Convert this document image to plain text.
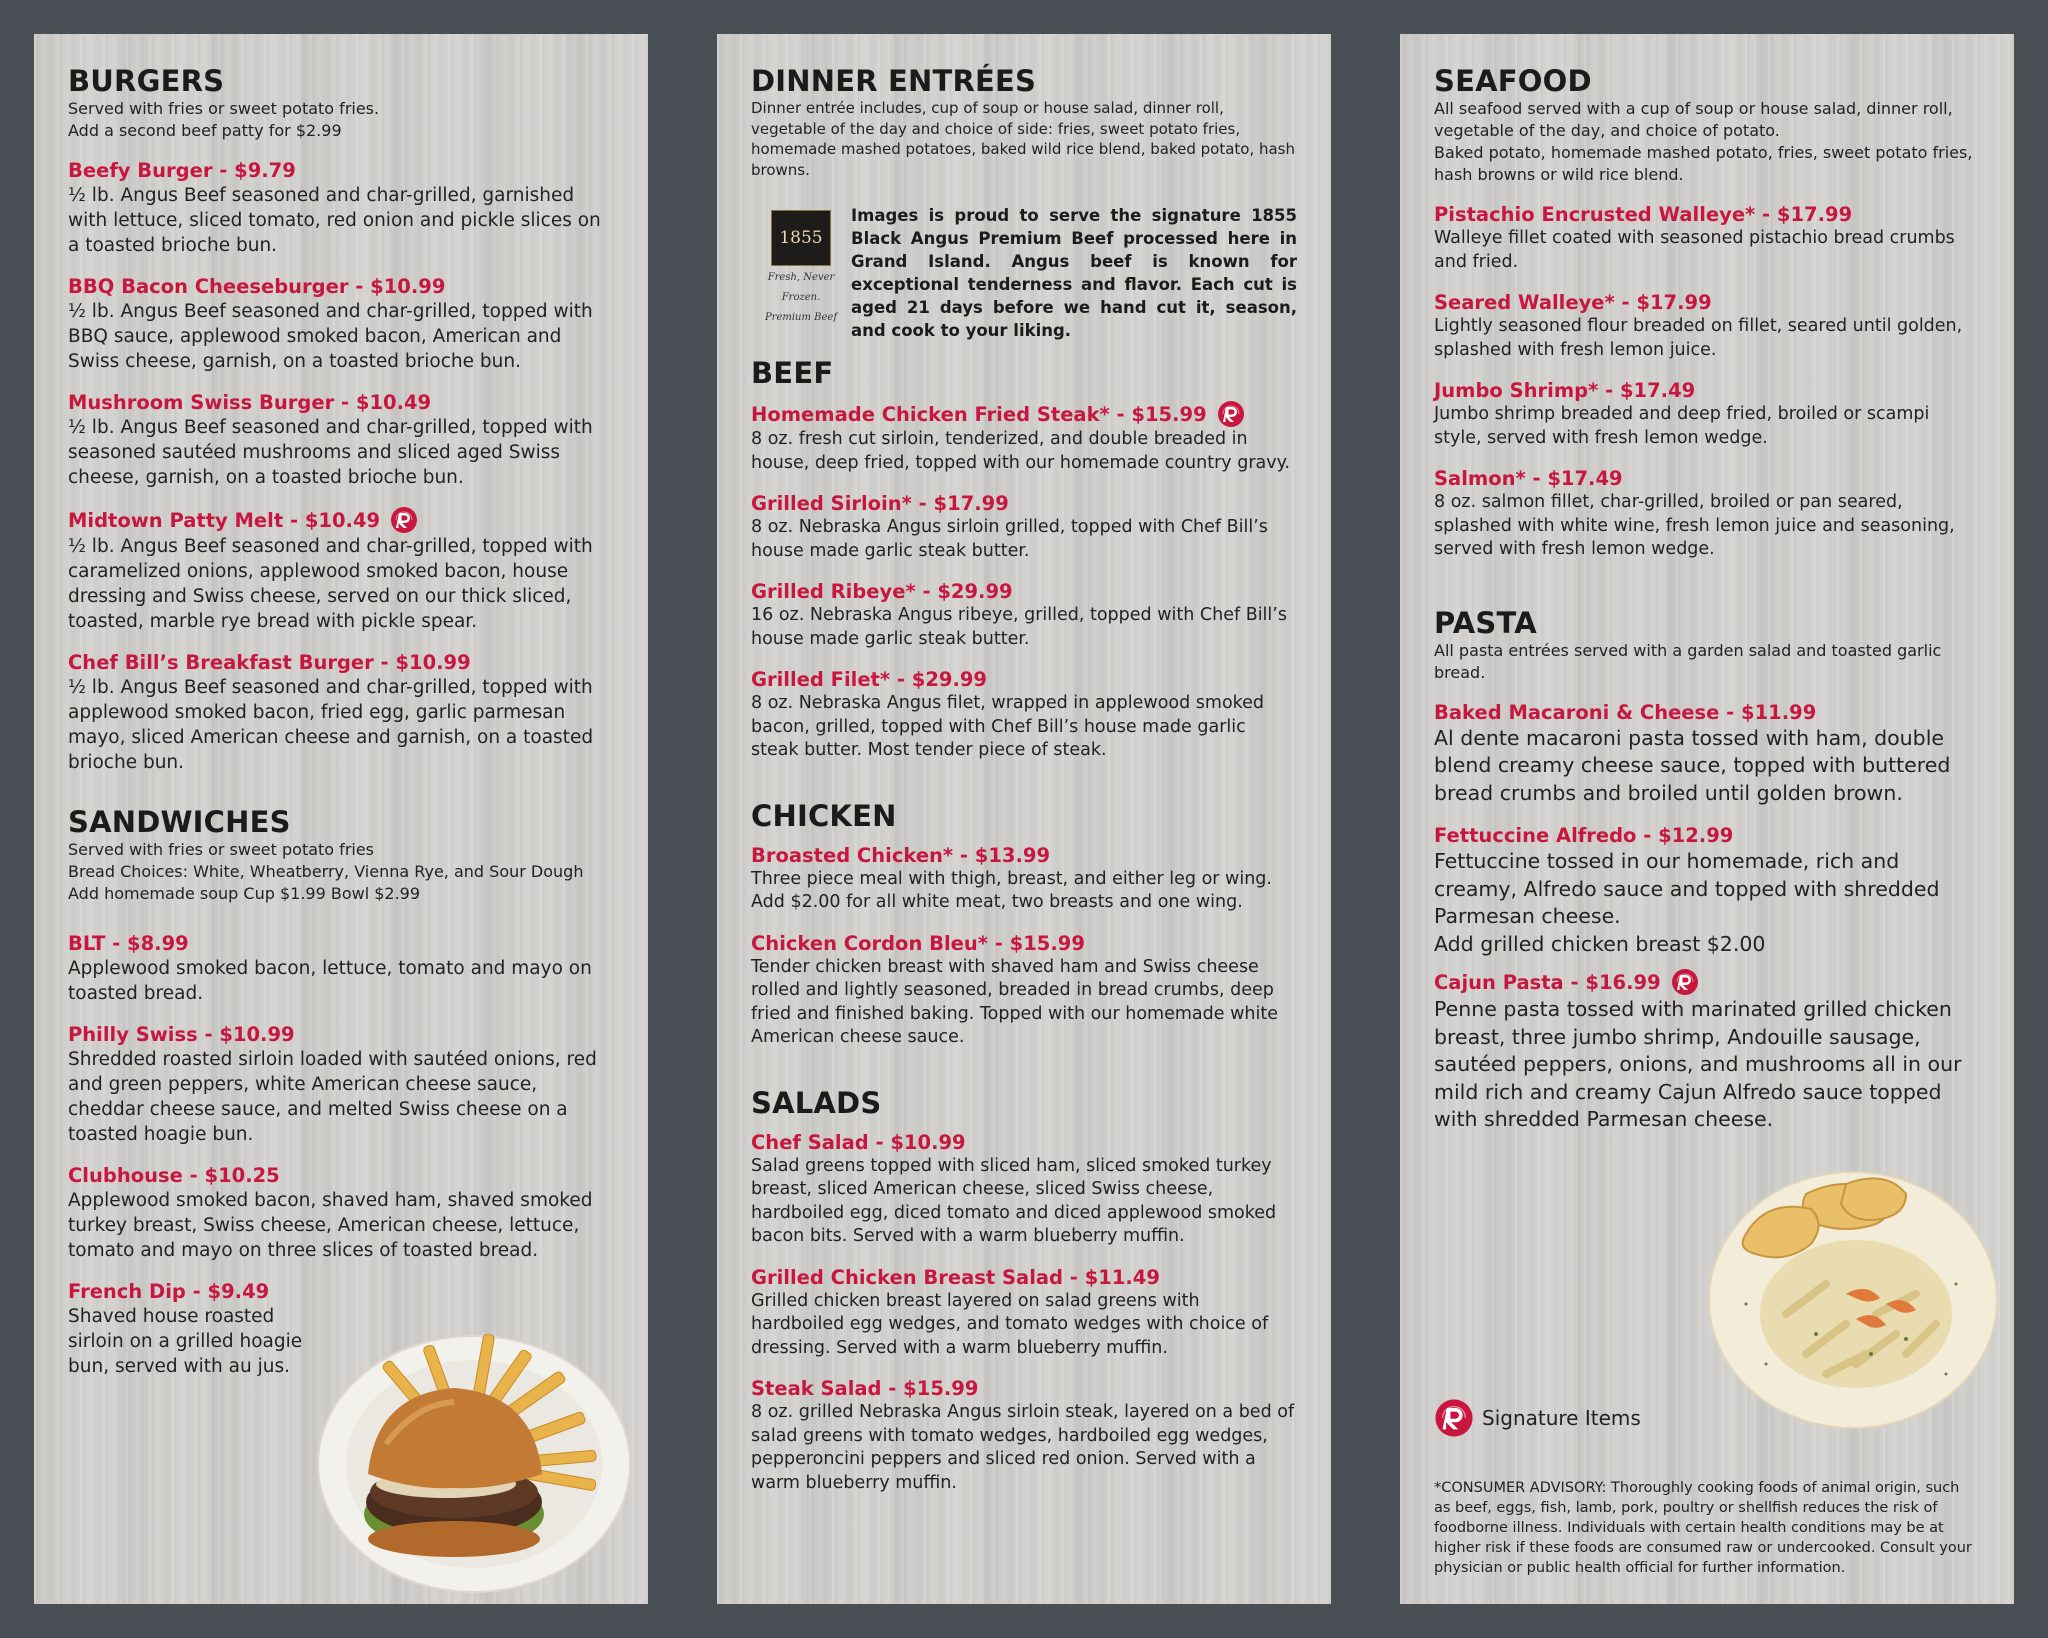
BURGERS

Served with fries or sweet potato fries.

Add a second beef patty for $2.99

Beefy Burger - $9.79
½ lb. Angus Beef seasoned and char-grilled, garnished with lettuce, sliced tomato, red onion and pickle slices on a toasted brioche bun.
BBQ Bacon Cheeseburger - $10.99
½ lb. Angus Beef seasoned and char-grilled, topped with BBQ sauce, applewood smoked bacon, American and Swiss cheese, garnish, on a toasted brioche bun.
Mushroom Swiss Burger - $10.49
½ lb. Angus Beef seasoned and char-grilled, topped with seasoned sautéed mushrooms and sliced aged Swiss cheese, garnish, on a toasted brioche bun.
Midtown Patty Melt - $10.49
½ lb. Angus Beef seasoned and char-grilled, topped with caramelized onions, applewood smoked bacon, house dressing and Swiss cheese, served on our thick sliced, toasted, marble rye bread with pickle spear.
Chef Bill’s Breakfast Burger - $10.99
½ lb. Angus Beef seasoned and char-grilled, topped with applewood smoked bacon, fried egg, garlic parmesan mayo, sliced American cheese and garnish, on a toasted brioche bun.
SANDWICHES

Served with fries or sweet potato fries

Bread Choices: White, Wheatberry, Vienna Rye, and Sour Dough

Add homemade soup Cup $1.99 Bowl $2.99

BLT - $8.99
Applewood smoked bacon, lettuce, tomato and mayo on toasted bread.
Philly Swiss - $10.99
Shredded roasted sirloin loaded with sautéed onions, red and green peppers, white American cheese sauce, cheddar cheese sauce, and melted Swiss cheese on a toasted hoagie bun.
Clubhouse - $10.25
Applewood smoked bacon, shaved ham, shaved smoked turkey breast, Swiss cheese, American cheese, lettuce, tomato and mayo on three slices of toasted bread.
French Dip - $9.49
Shaved house roasted
sirloin on a grilled hoagie
bun, served with au jus.
DINNER ENTRÉES

Dinner entrée includes, cup of soup or house salad, dinner roll, vegetable of the day and choice of side: fries, sweet potato fries, homemade mashed potatoes, baked wild rice blend, baked potato, hash browns.

1855
Fresh, Never Frozen.
Premium Beef
Images is proud to serve the signature 1855 Black Angus Premium Beef processed here in Grand Island. Angus beef is known for exceptional tenderness and flavor. Each cut is aged 21 days before we hand cut it, season, and cook to your liking.
BEEF
Homemade Chicken Fried Steak* - $15.99
8 oz. fresh cut sirloin, tenderized, and double breaded in house, deep fried, topped with our homemade country gravy.
Grilled Sirloin* - $17.99
8 oz. Nebraska Angus sirloin grilled, topped with Chef Bill’s house made garlic steak butter.
Grilled Ribeye* - $29.99
16 oz. Nebraska Angus ribeye, grilled, topped with Chef Bill’s house made garlic steak butter.
Grilled Filet* - $29.99
8 oz. Nebraska Angus filet, wrapped in applewood smoked bacon, grilled, topped with Chef Bill’s house made garlic steak butter. Most tender piece of steak.
CHICKEN
Broasted Chicken* - $13.99
Three piece meal with thigh, breast, and either leg or wing. Add $2.00 for all white meat, two breasts and one wing.
Chicken Cordon Bleu* - $15.99
Tender chicken breast with shaved ham and Swiss cheese rolled and lightly seasoned, breaded in bread crumbs, deep fried and finished baking. Topped with our homemade white American cheese sauce.
SALADS
Chef Salad - $10.99
Salad greens topped with sliced ham, sliced smoked turkey breast, sliced American cheese, sliced Swiss cheese, hardboiled egg, diced tomato and diced applewood smoked bacon bits. Served with a warm blueberry muffin.
Grilled Chicken Breast Salad - $11.49
Grilled chicken breast layered on salad greens with hardboiled egg wedges, and tomato wedges with choice of dressing. Served with a warm blueberry muffin.
Steak Salad - $15.99
8 oz. grilled Nebraska Angus sirloin steak, layered on a bed of salad greens with tomato wedges, hardboiled egg wedges, pepperoncini peppers and sliced red onion. Served with a warm blueberry muffin.
SEAFOOD

All seafood served with a cup of soup or house salad, dinner roll, vegetable of the day, and choice of potato.

Baked potato, homemade mashed potato, fries, sweet potato fries, hash browns or wild rice blend.

Pistachio Encrusted Walleye* - $17.99
Walleye fillet coated with seasoned pistachio bread crumbs and fried.
Seared Walleye* - $17.99
Lightly seasoned flour breaded on fillet, seared until golden, splashed with fresh lemon juice.
Jumbo Shrimp* - $17.49
Jumbo shrimp breaded and deep fried, broiled or scampi style, served with fresh lemon wedge.
Salmon* - $17.49
8 oz. salmon fillet, char-grilled, broiled or pan seared, splashed with white wine, fresh lemon juice and seasoning, served with fresh lemon wedge.
PASTA

All pasta entrées served with a garden salad and toasted garlic bread.

Baked Macaroni & Cheese - $11.99
Al dente macaroni pasta tossed with ham, double blend creamy cheese sauce, topped with buttered bread crumbs and broiled until golden brown.
Fettuccine Alfredo - $12.99
Fettuccine tossed in our homemade, rich and creamy, Alfredo sauce and topped with shredded Parmesan cheese.
Add grilled chicken breast $2.00
Cajun Pasta - $16.99
Penne pasta tossed with marinated grilled chicken breast, three jumbo shrimp, Andouille sausage, sautéed peppers, onions, and mushrooms all in our mild rich and creamy Cajun Alfredo sauce topped with shredded Parmesan cheese.
Signature Items
*CONSUMER ADVISORY: Thoroughly cooking foods of animal origin, such as beef, eggs, fish, lamb, pork, poultry or shellfish reduces the risk of foodborne illness. Individuals with certain health conditions may be at higher risk if these foods are consumed raw or undercooked. Consult your physician or public health official for further information.
